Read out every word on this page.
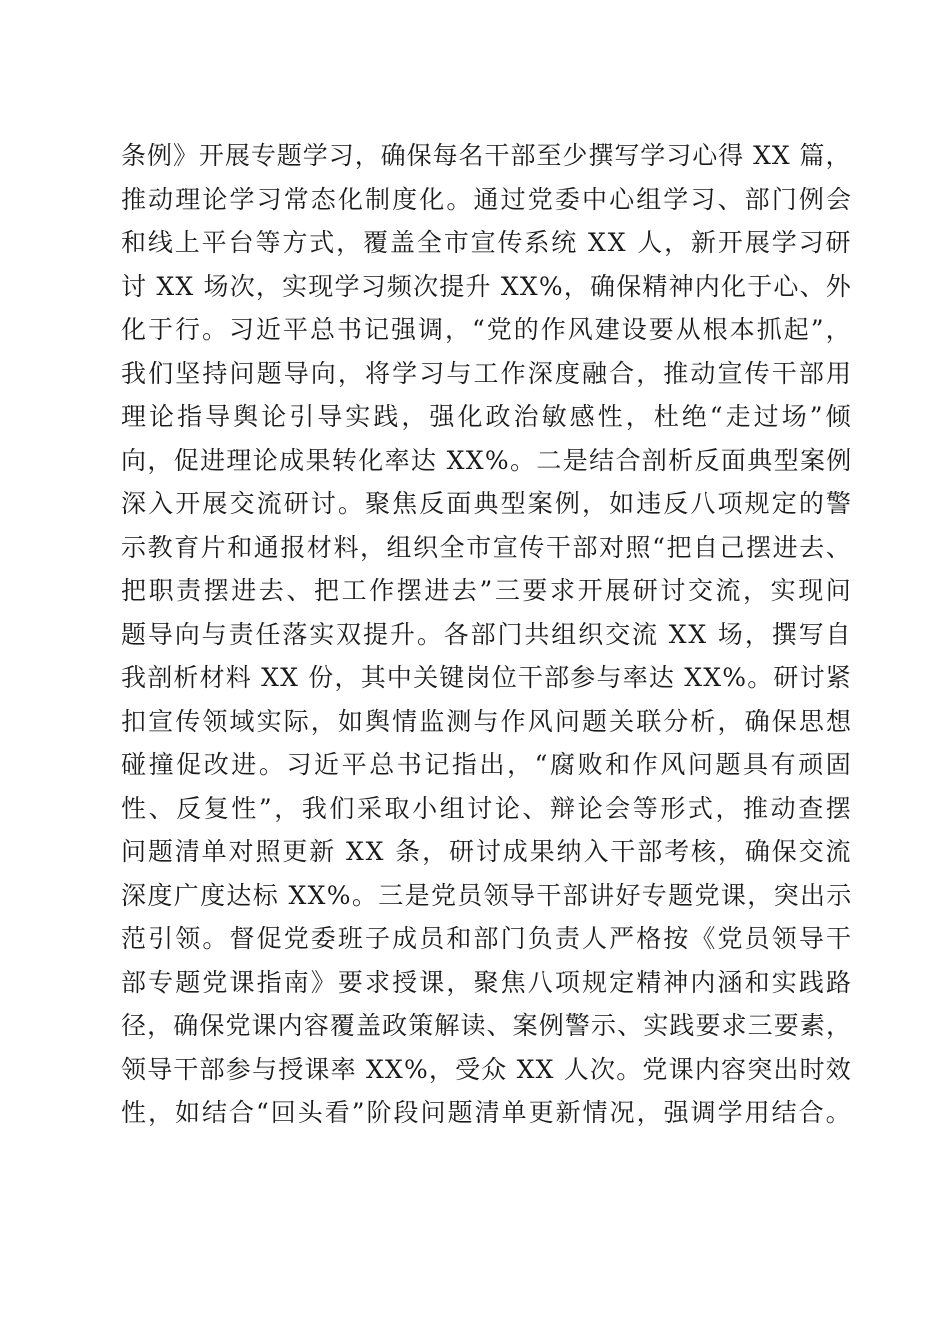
条例》开展专题学习，确保每名干部至少撰写学习心得 XX 篇，
推动理论学习常态化制度化。通过党委中心组学习、部门例会
和线上平台等方式，覆盖全市宣传系统 XX 人，新开展学习研
讨 XX 场次，实现学习频次提升 XX%，确保精神内化于心、外
化于行。习近平总书记强调，“党的作风建设要从根本抓起”，
我们坚持问题导向，将学习与工作深度融合，推动宣传干部用
理论指导舆论引导实践，强化政治敏感性，杜绝“走过场”倾
向，促进理论成果转化率达 XX%。二是结合剖析反面典型案例
深入开展交流研讨。聚焦反面典型案例，如违反八项规定的警
示教育片和通报材料，组织全市宣传干部对照“把自己摆进去、
把职责摆进去、把工作摆进去”三要求开展研讨交流，实现问
题导向与责任落实双提升。各部门共组织交流 XX 场，撰写自
我剖析材料 XX 份，其中关键岗位干部参与率达 XX%。研讨紧
扣宣传领域实际，如舆情监测与作风问题关联分析，确保思想
碰撞促改进。习近平总书记指出，“腐败和作风问题具有顽固
性、反复性”，我们采取小组讨论、辩论会等形式，推动查摆
问题清单对照更新 XX 条，研讨成果纳入干部考核，确保交流
深度广度达标 XX%。三是党员领导干部讲好专题党课，突出示
范引领。督促党委班子成员和部门负责人严格按《党员领导干
部专题党课指南》要求授课，聚焦八项规定精神内涵和实践路
径，确保党课内容覆盖政策解读、案例警示、实践要求三要素，
领导干部参与授课率 XX%，受众 XX 人次。党课内容突出时效
性，如结合“回头看”阶段问题清单更新情况，强调学用结合。
